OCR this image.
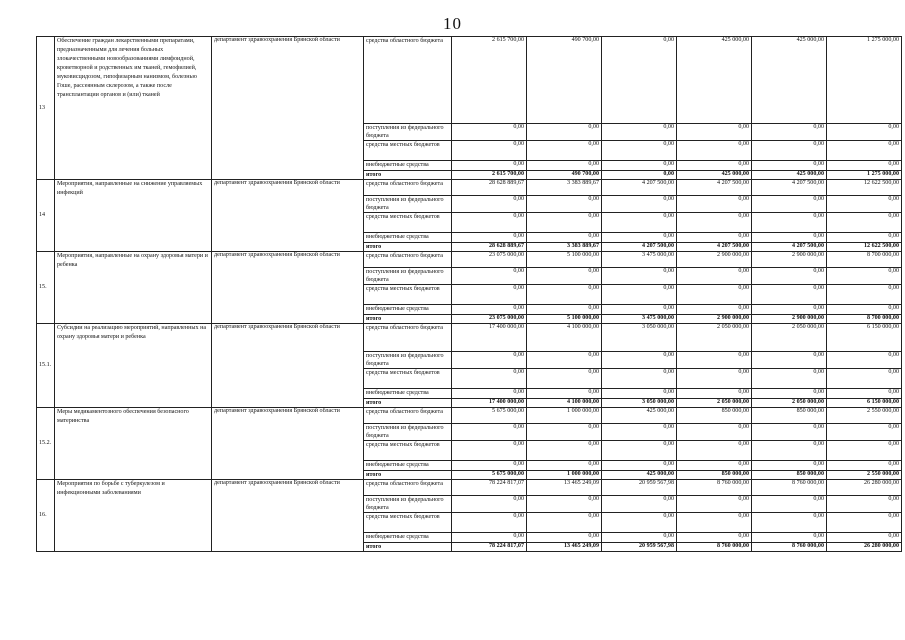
10
13	Обеспечение граждан лекарственными препаратами, предназначенными для лечения больных злокачественными новообразованиями лимфоидной, кроветворной и родственных им тканей, гемофилией, муковисцидозом, гипофизарным нанизмом, болезнью Гоше, рассеянным склерозом, а также после трансплантации органов и (или) тканей	департамент здравоохранения Брянской области	средства областного бюджета	2 615 700,00	490 700,00	0,00	425 000,00	425 000,00	1 275 000,00
			поступления из федерального бюджета	0,00	0,00	0,00	0,00	0,00	0,00
			средства местных бюджетов	0,00	0,00	0,00	0,00	0,00	0,00
			внебюджетные средства	0,00	0,00	0,00	0,00	0,00	0,00
			итого	2 615 700,00	490 700,00	0,00	425 000,00	425 000,00	1 275 000,00
14	Мероприятия, направленные на снижение управляемых инфекций	департамент здравоохранения Брянской области	средства областного бюджета	28 628 889,67	3 383 889,67	4 207 500,00	4 207 500,00	4 207 500,00	12 622 500,00
			поступления из федерального бюджета	0,00	0,00	0,00	0,00	0,00	0,00
			средства местных бюджетов	0,00	0,00	0,00	0,00	0,00	0,00
			внебюджетные средства	0,00	0,00	0,00	0,00	0,00	0,00
			итого	28 628 889,67	3 383 889,67	4 207 500,00	4 207 500,00	4 207 500,00	12 622 500,00
15.	Мероприятия, направленные на охрану здоровья матери и ребенка	департамент здравоохранения Брянской области	средства областного бюджета	23 075 000,00	5 100 000,00	3 475 000,00	2 900 000,00	2 900 000,00	8 700 000,00
			поступления из федерального бюджета	0,00	0,00	0,00	0,00	0,00	0,00
			средства местных бюджетов	0,00	0,00	0,00	0,00	0,00	0,00
			внебюджетные средства	0,00	0,00	0,00	0,00	0,00	0,00
			итого	23 075 000,00	5 100 000,00	3 475 000,00	2 900 000,00	2 900 000,00	8 700 000,00
15.1.	Субсидии на реализацию мероприятий, направленных на охрану здоровья матери и ребенка	департамент здравоохранения Брянской области	средства областного бюджета	17 400 000,00	4 100 000,00	3 050 000,00	2 050 000,00	2 050 000,00	6 150 000,00
			поступления из федерального бюджета	0,00	0,00	0,00	0,00	0,00	0,00
			средства местных бюджетов	0,00	0,00	0,00	0,00	0,00	0,00
			внебюджетные средства	0,00	0,00	0,00	0,00	0,00	0,00
			итого	17 400 000,00	4 100 000,00	3 050 000,00	2 050 000,00	2 050 000,00	6 150 000,00
15.2.	Меры медикаментозного обеспечения безопасного материнства	департамент здравоохранения Брянской области	средства областного бюджета	5 675 000,00	1 000 000,00	425 000,00	850 000,00	850 000,00	2 550 000,00
			поступления из федерального бюджета	0,00	0,00	0,00	0,00	0,00	0,00
			средства местных бюджетов	0,00	0,00	0,00	0,00	0,00	0,00
			внебюджетные средства	0,00	0,00	0,00	0,00	0,00	0,00
			итого	5 675 000,00	1 000 000,00	425 000,00	850 000,00	850 000,00	2 550 000,00
16.	Мероприятия по борьбе с туберкулезом и инфекционными заболеваниями	департамент здравоохранения Брянской области	средства областного бюджета	78 224 817,07	13 465 249,09	20 959 567,98	8 760 000,00	8 760 000,00	26 280 000,00
			поступления из федерального бюджета	0,00	0,00	0,00	0,00	0,00	0,00
			средства местных бюджетов	0,00	0,00	0,00	0,00	0,00	0,00
			внебюджетные средства	0,00	0,00	0,00	0,00	0,00	0,00
			итого	78 224 817,07	13 465 249,09	20 959 567,98	8 760 000,00	8 760 000,00	26 280 000,00
